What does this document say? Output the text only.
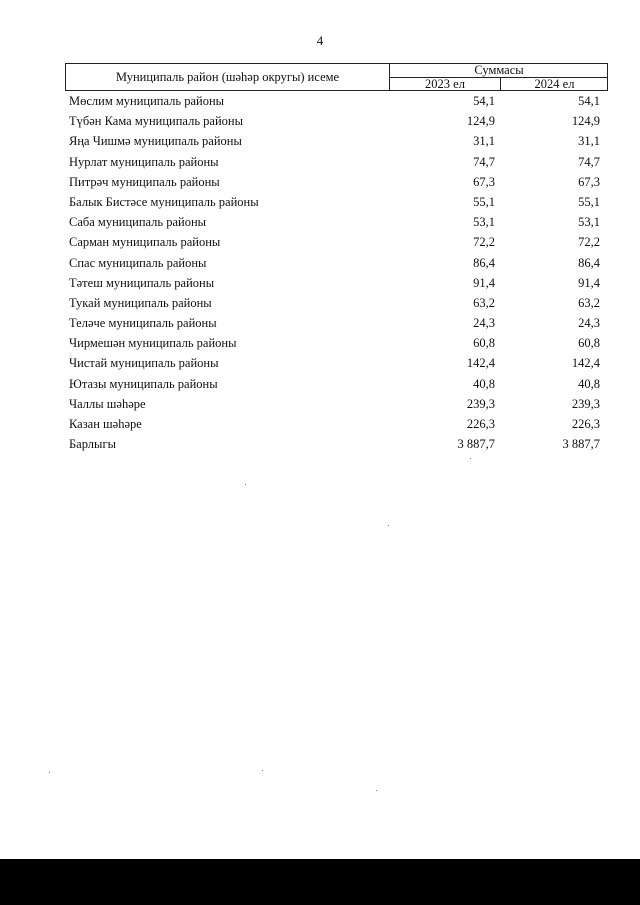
4
Муниципаль район (шәһәр округы) исеме	Суммасы
2023 ел	2024 ел
Мөслим муниципаль районы	54,1	54,1
Түбән Кама муниципаль районы	124,9	124,9
Яңа Чишмә муниципаль районы	31,1	31,1
Нурлат муниципаль районы	74,7	74,7
Питрәч муниципаль районы	67,3	67,3
Балык Бистәсе муниципаль районы	55,1	55,1
Саба муниципаль районы	53,1	53,1
Сарман муниципаль районы	72,2	72,2
Спас муниципаль районы	86,4	86,4
Тәтеш муниципаль районы	91,4	91,4
Тукай муниципаль районы	63,2	63,2
Теләче муниципаль районы	24,3	24,3
Чирмешән муниципаль районы	60,8	60,8
Чистай муниципаль районы	142,4	142,4
Ютазы муниципаль районы	40,8	40,8
Чаллы шәһәре	239,3	239,3
Казан шәһәре	226,3	226,3
Барлыгы	3 887,7	3 887,7
